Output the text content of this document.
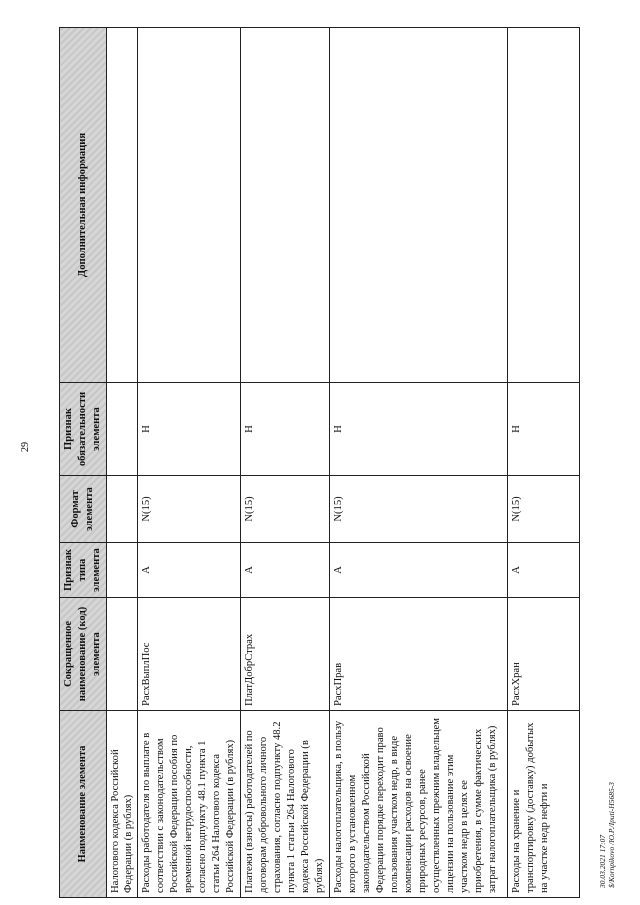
29
30.03.2021 17:07 $/Kornpikovo /Ю.Р./Iputi-H5685-3
Наименование элемента	Сокращенное наименование (код) элемента	Признак типа элемента	Формат элемента	Признак обязательности элемента	Дополнительная информация
Налогового кодекса Российской Федерации (в рублях)					
Расходы работодателя по выплате в соответствии с законодательством Российской Федерации пособия по временной нетрудоспособности, согласно подпункту 48.1 пункта 1 статьи 264 Налогового кодекса Российской Федерации (в рублях)	РасхВыплПос	А	N(15)	Н	
Платежи (взносы) работодателей по договорам добровольного личного страхования, согласно подпункту 48.2 пункта 1 статьи 264 Налогового кодекса Российской Федерации (в рублях)	ПлатДобрСтрах	А	N(15)	Н	
Расходы налогоплательщика, в пользу которого в установленном законодательством Российской Федерации порядке переходит право пользования участком недр, в виде компенсации расходов на освоение природных ресурсов, ранее осуществленных прежним владельцем лицензии на пользование этим участком недр в целях ее приобретения, в сумме фактических затрат налогоплательщика (в рублях)	РасхПрав	А	N(15)	Н	
Расходы на хранение и транспортировку (доставку) добытых на участке недр нефти и	РасхХран	А	N(15)	Н	
